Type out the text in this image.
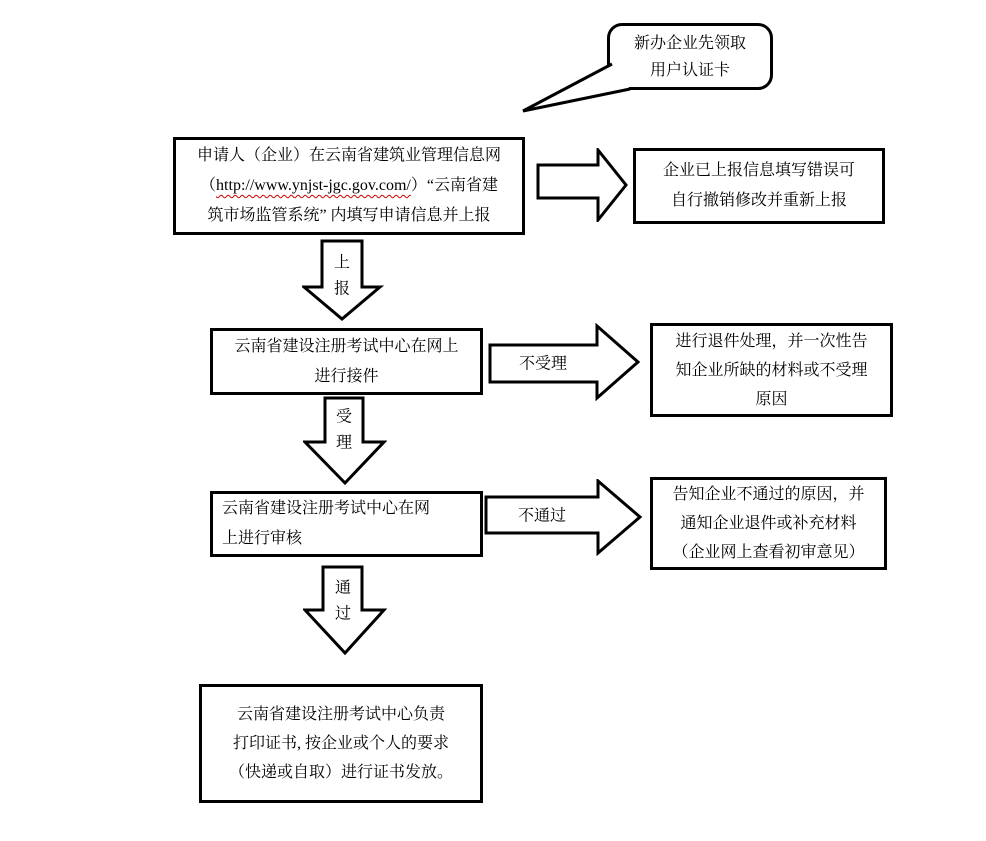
新办企业先领取
用户认证卡
申请人（企业）在云南省建筑业管理信息网
（http://www.ynjst-jgc.gov.com/）“云南省建
筑市场监管系统” 内填写申请信息并上报
企业已上报信息填写错误可
自行撤销修改并重新上报
上
报
云南省建设注册考试中心在网上
进行接件
不受理
进行退件处理，并一次性告
知企业所缺的材料或不受理
原因
受
理
云南省建设注册考试中心在网
上进行审核
不通过
告知企业不通过的原因，并
通知企业退件或补充材料
（企业网上查看初审意见）
通
过
云南省建设注册考试中心负责
打印证书, 按企业或个人的要求
（快递或自取）进行证书发放。
